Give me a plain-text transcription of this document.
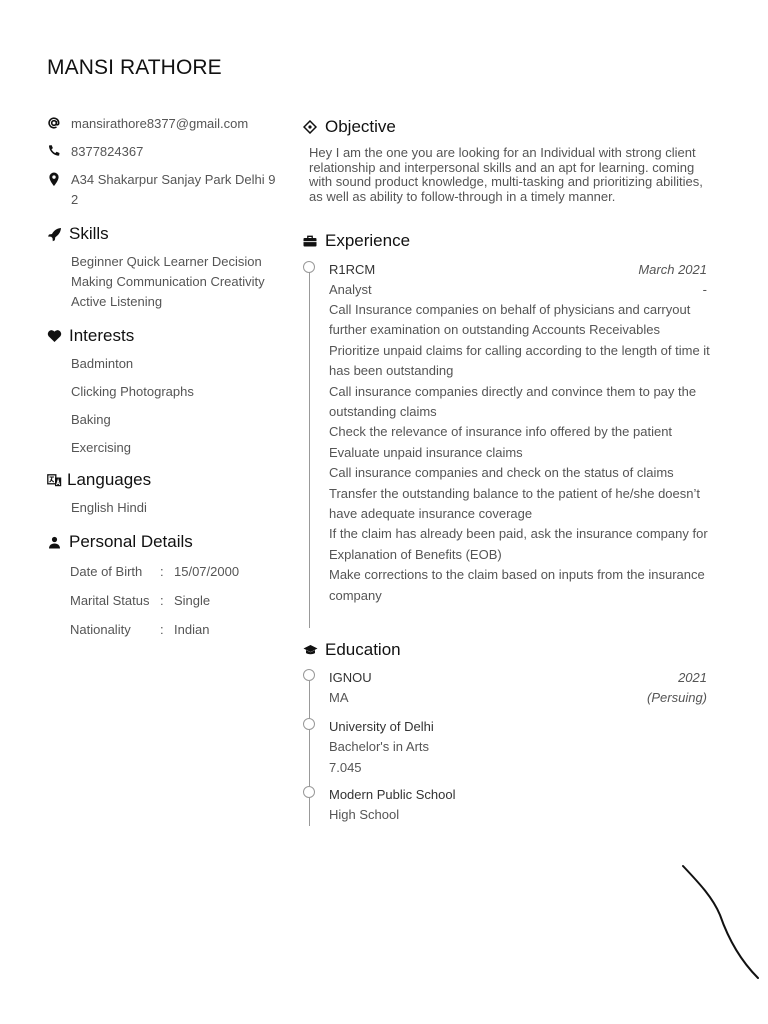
MANSI RATHORE
mansirathore8377@gmail.com
8377824367
A34 Shakarpur Sanjay Park Delhi 9 2
Skills
Beginner Quick Learner Decision Making Communication Creativity Active Listening
Interests
Badminton
Clicking Photographs
Baking
Exercising
Languages
English Hindi
Personal Details
Date of Birth	: 15/07/2000
Marital Status : Single
Nationality	: Indian
Objective
Hey I am the one you are looking for an Individual with strong client relationship and interpersonal skills and an apt for learning. coming with sound product knowledge, multi-tasking and prioritizing abilities, as well as ability to follow-through in a timely manner.
Experience
R1RCM	March 2021
Analyst	-
Call Insurance companies on behalf of physicians and carryout further examination on outstanding Accounts Receivables
Prioritize unpaid claims for calling according to the length of time it has been outstanding
Call insurance companies directly and convince them to pay the outstanding claims
Check the relevance of insurance info offered by the patient
Evaluate unpaid insurance claims
Call insurance companies and check on the status of claims
Transfer the outstanding balance to the patient of he/she doesn’t have adequate insurance coverage
If the claim has already been paid, ask the insurance company for Explanation of Benefits (EOB)
Make corrections to the claim based on inputs from the insurance company
Education
IGNOU	2021
MA	(Persuing)
University of Delhi
Bachelor's in Arts
7.045
Modern Public School
High School
